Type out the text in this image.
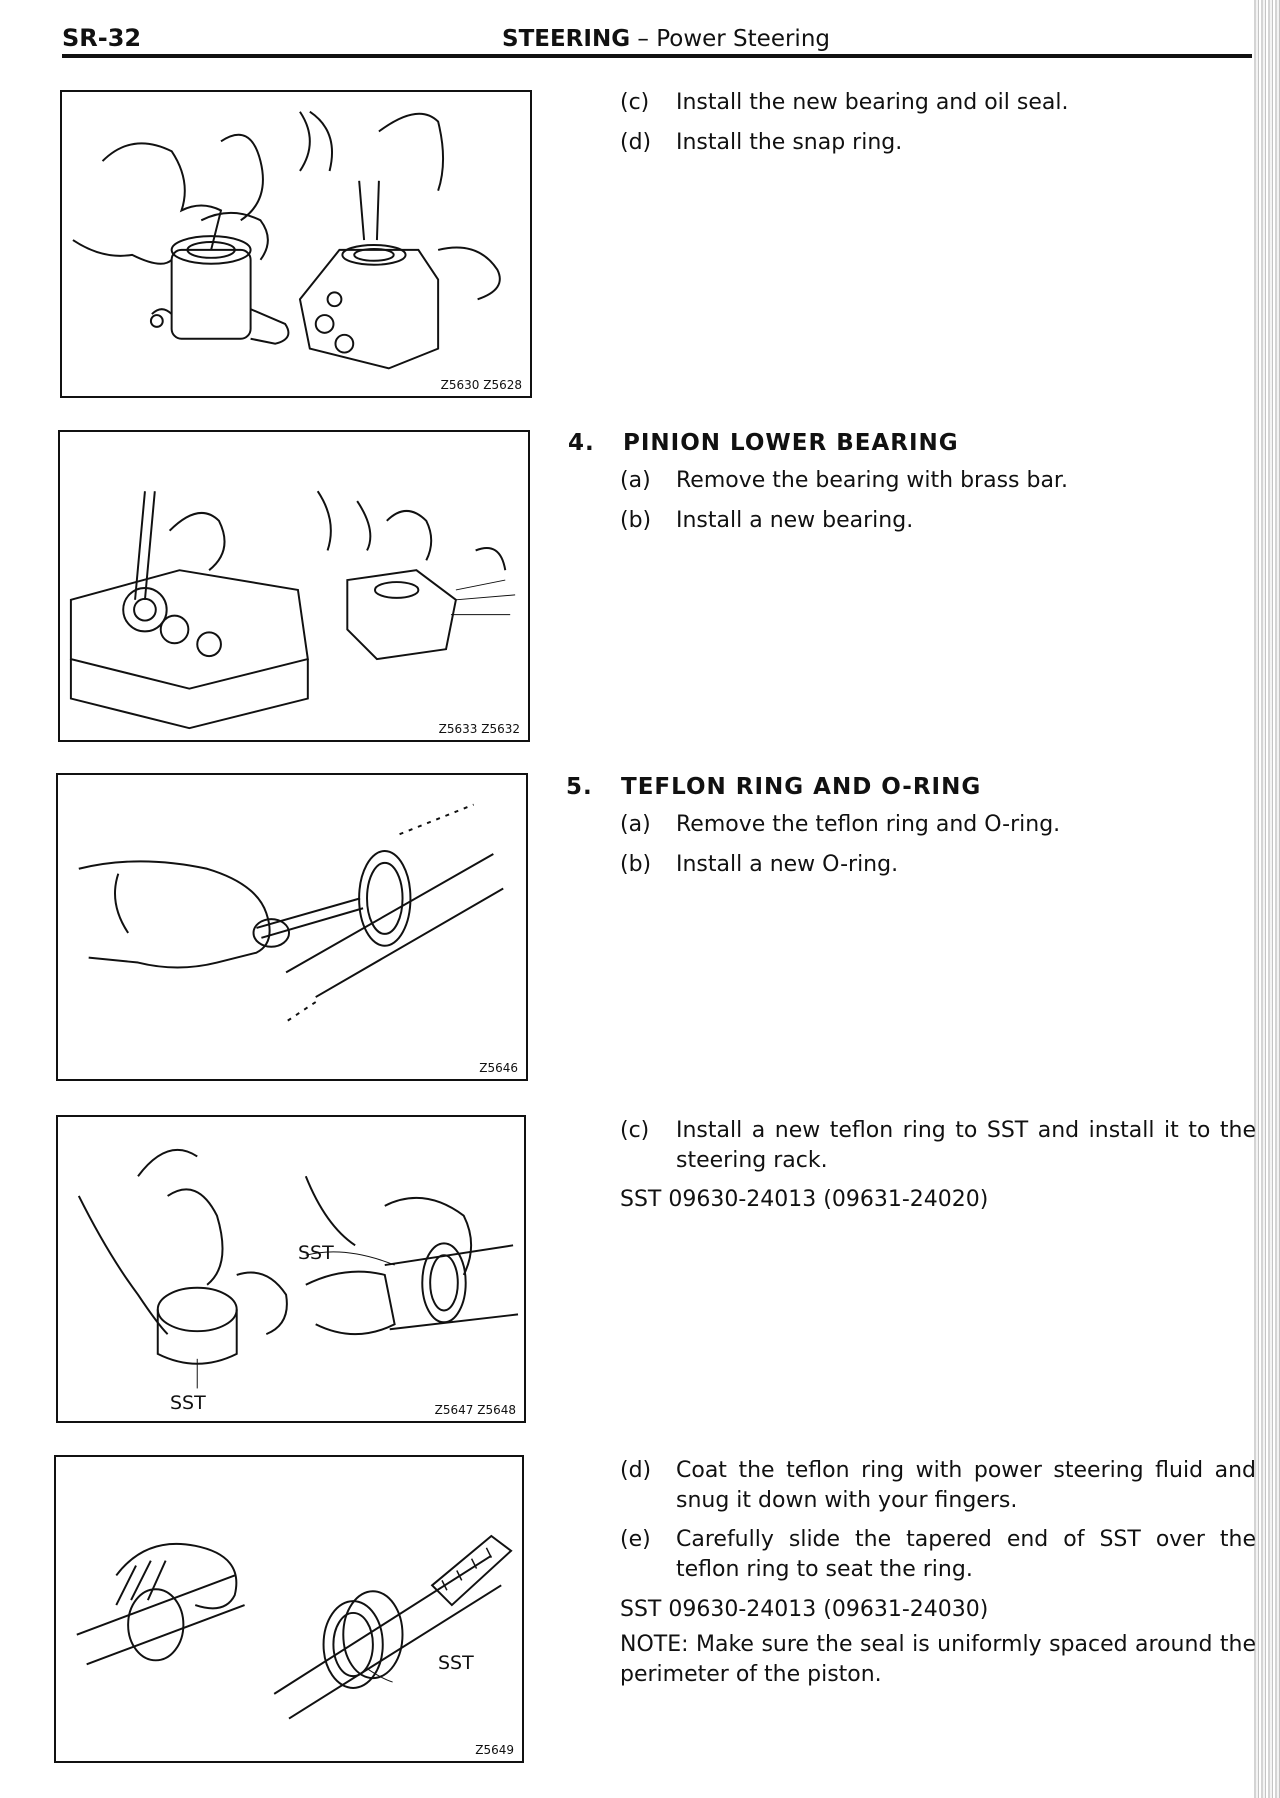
SR-32	STEERING – Power Steering
Z5630 Z5628
Z5633 Z5632
Z5646
SST
SST	Z5647 Z5648
SST
Z5649
(c) Install the new bearing and oil seal.
(d) Install the snap ring.
4. PINION LOWER BEARING
(a) Remove the bearing with brass bar.
(b) Install a new bearing.
5. TEFLON RING AND O-RING
(a) Remove the teflon ring and O-ring.
(b) Install a new O-ring.
(c) Install a new teflon ring to SST and install it to the steering rack.
SST 09630-24013 (09631-24020)
(d) Coat the teflon ring with power steering fluid and snug it down with your fingers.
(e) Carefully slide the tapered end of SST over the teflon ring to seat the ring.
SST 09630-24013 (09631-24030)
NOTE: Make sure the seal is uniformly spaced around the perimeter of the piston.
